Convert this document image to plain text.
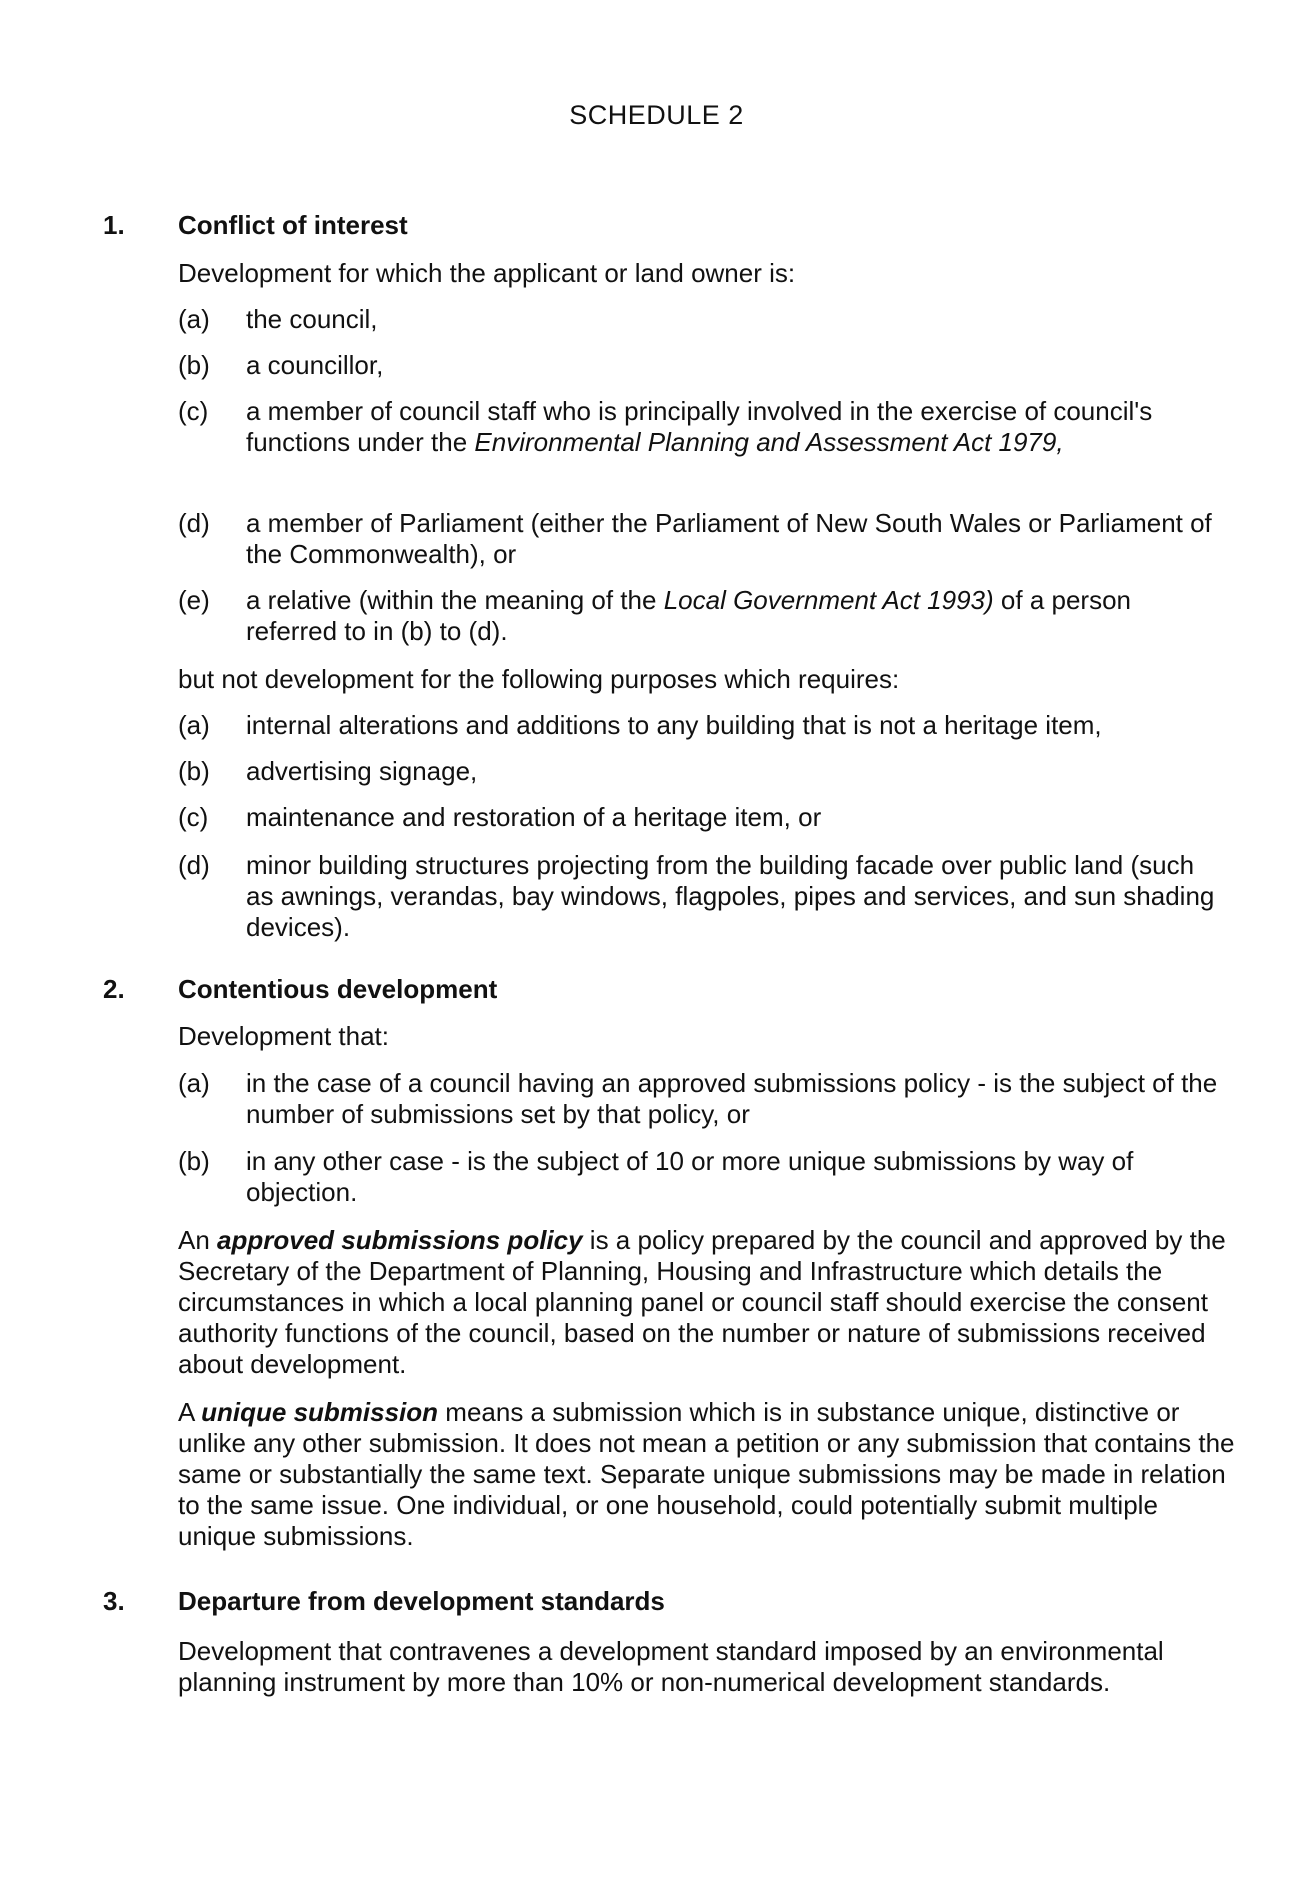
SCHEDULE 2
1. Conflict of interest
Development for which the applicant or land owner is:
(a)	the council,
(b)	a councillor,
(c)	a member of council staff who is principally involved in the exercise of council's functions under the Environmental Planning and Assessment Act 1979,
(d)	a member of Parliament (either the Parliament of New South Wales or Parliament of the Commonwealth), or
(e)	a relative (within the meaning of the Local Government Act 1993) of a person referred to in (b) to (d).
but not development for the following purposes which requires:
(a)	internal alterations and additions to any building that is not a heritage item,
(b)	advertising signage,
(c)	maintenance and restoration of a heritage item, or
(d)	minor building structures projecting from the building facade over public land (such as awnings, verandas, bay windows, flagpoles, pipes and services, and sun shading devices).
2. Contentious development
Development that:
(a)	in the case of a council having an approved submissions policy - is the subject of the number of submissions set by that policy, or
(b)	in any other case - is the subject of 10 or more unique submissions by way of objection.
An approved submissions policy is a policy prepared by the council and approved by the Secretary of the Department of Planning, Housing and Infrastructure which details the circumstances in which a local planning panel or council staff should exercise the consent authority functions of the council, based on the number or nature of submissions received about development.
A unique submission means a submission which is in substance unique, distinctive or unlike any other submission. It does not mean a petition or any submission that contains the same or substantially the same text. Separate unique submissions may be made in relation to the same issue. One individual, or one household, could potentially submit multiple unique submissions.
3. Departure from development standards
Development that contravenes a development standard imposed by an environmental planning instrument by more than 10% or non-numerical development standards.
